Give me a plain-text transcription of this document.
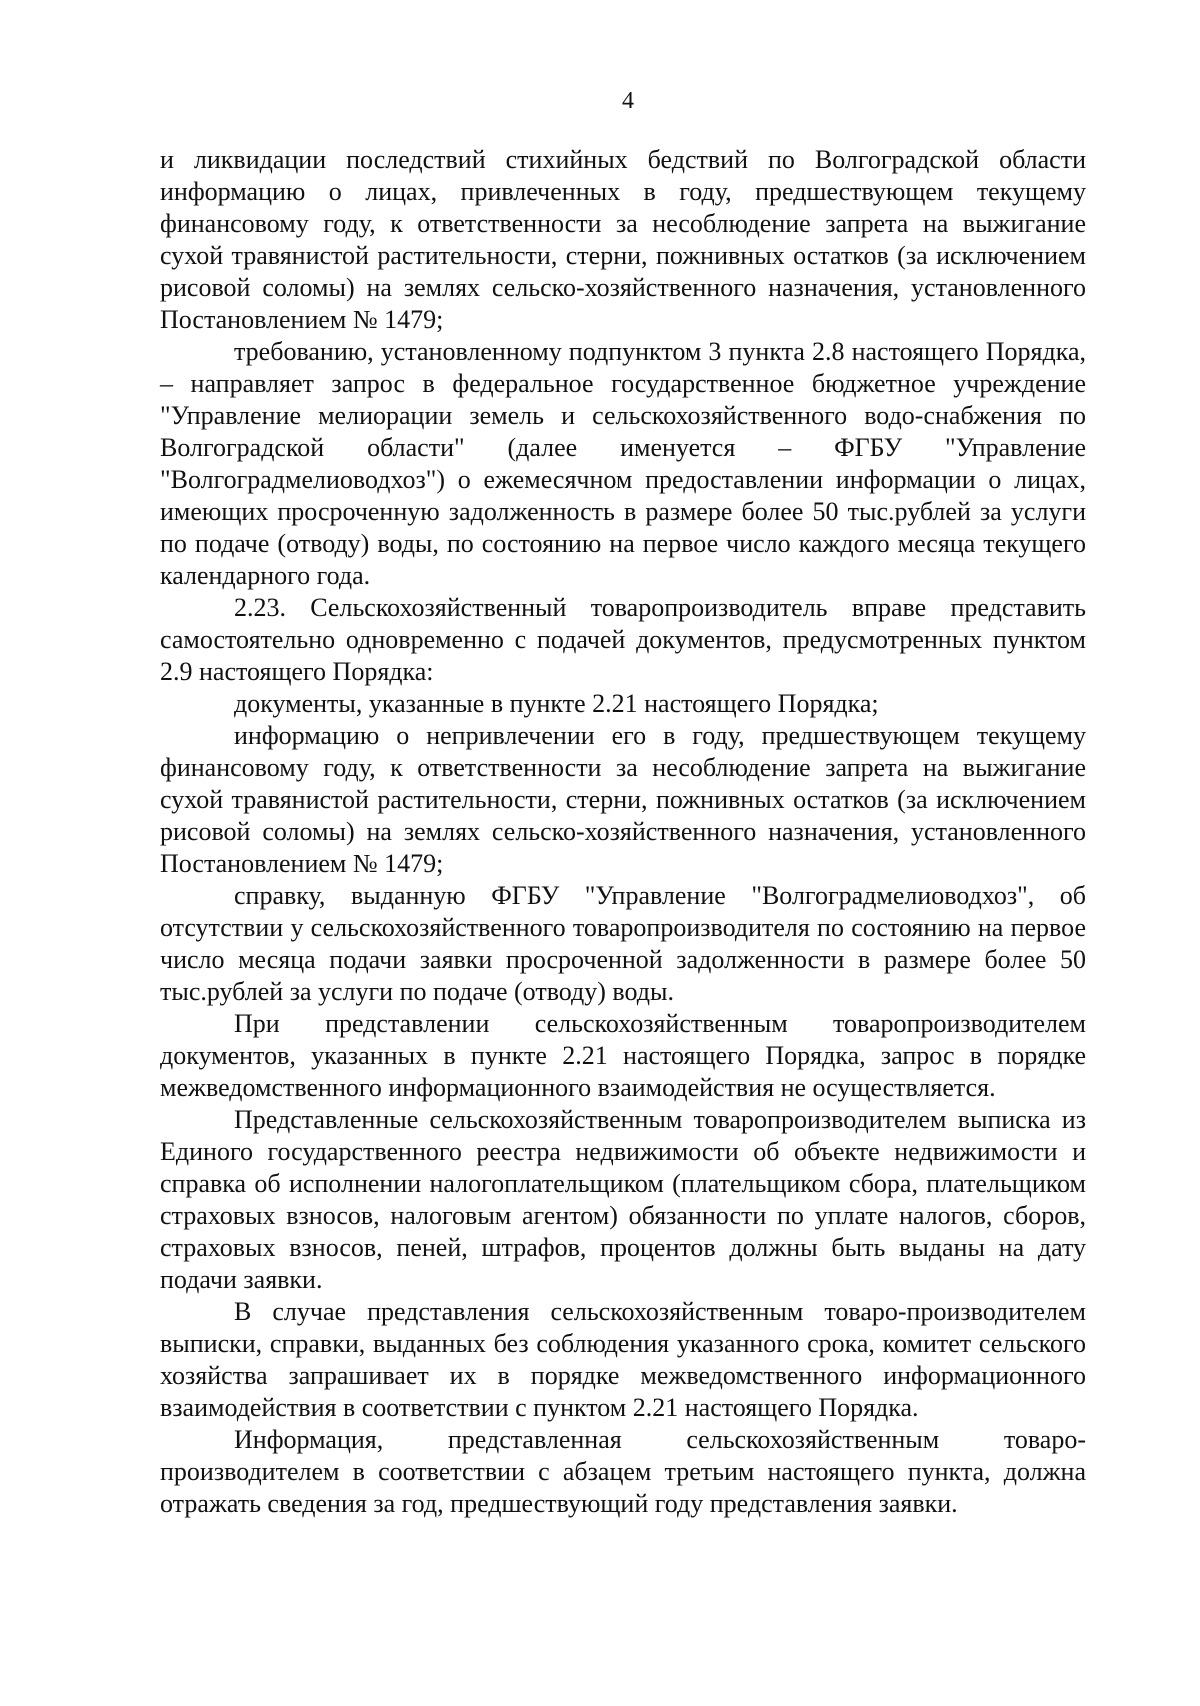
4

и ликвидации последствий стихийных бедствий по Волгоградской области информацию о лицах, привлеченных в году, предшествующем текущему финансовому году, к ответственности за несоблюдение запрета на выжигание сухой травянистой растительности, стерни, пожнивных остатков (за исключением рисовой соломы) на землях сельско-хозяйственного назначения, установленного Постановлением № 1479;

требованию, установленному подпунктом 3 пункта 2.8 настоящего Порядка, – направляет запрос в федеральное государственное бюджетное учреждение "Управление мелиорации земель и сельскохозяйственного водо-снабжения по Волгоградской области" (далее именуется – ФГБУ "Управление "Волгоградмелиоводхоз") о ежемесячном предоставлении информации о лицах, имеющих просроченную задолженность в размере более 50 тыс.рублей за услуги по подаче (отводу) воды, по состоянию на первое число каждого месяца текущего календарного года.

2.23. Сельскохозяйственный товаропроизводитель вправе представить самостоятельно одновременно с подачей документов, предусмотренных пунктом 2.9 настоящего Порядка:

документы, указанные в пункте 2.21 настоящего Порядка;

информацию о непривлечении его в году, предшествующем текущему финансовому году, к ответственности за несоблюдение запрета на выжигание сухой травянистой растительности, стерни, пожнивных остатков (за исключением рисовой соломы) на землях сельско-хозяйственного назначения, установленного Постановлением № 1479;

справку, выданную ФГБУ "Управление "Волгоградмелиоводхоз", об отсутствии у сельскохозяйственного товаропроизводителя по состоянию на первое число месяца подачи заявки просроченной задолженности в размере более 50 тыс.рублей за услуги по подаче (отводу) воды.

При представлении сельскохозяйственным товаропроизводителем документов, указанных в пункте 2.21 настоящего Порядка, запрос в порядке межведомственного информационного взаимодействия не осуществляется.

Представленные сельскохозяйственным товаропроизводителем выписка из Единого государственного реестра недвижимости об объекте недвижимости и справка об исполнении налогоплательщиком (плательщиком сбора, плательщиком страховых взносов, налоговым агентом) обязанности по уплате налогов, сборов, страховых взносов, пеней, штрафов, процентов должны быть выданы на дату подачи заявки.

В случае представления сельскохозяйственным товаро-производителем выписки, справки, выданных без соблюдения указанного срока, комитет сельского хозяйства запрашивает их в порядке межведомственного информационного взаимодействия в соответствии с пунктом 2.21 настоящего Порядка.

Информация, представленная сельскохозяйственным товаро-производителем в соответствии с абзацем третьим настоящего пункта, должна отражать сведения за год, предшествующий году представления заявки.
